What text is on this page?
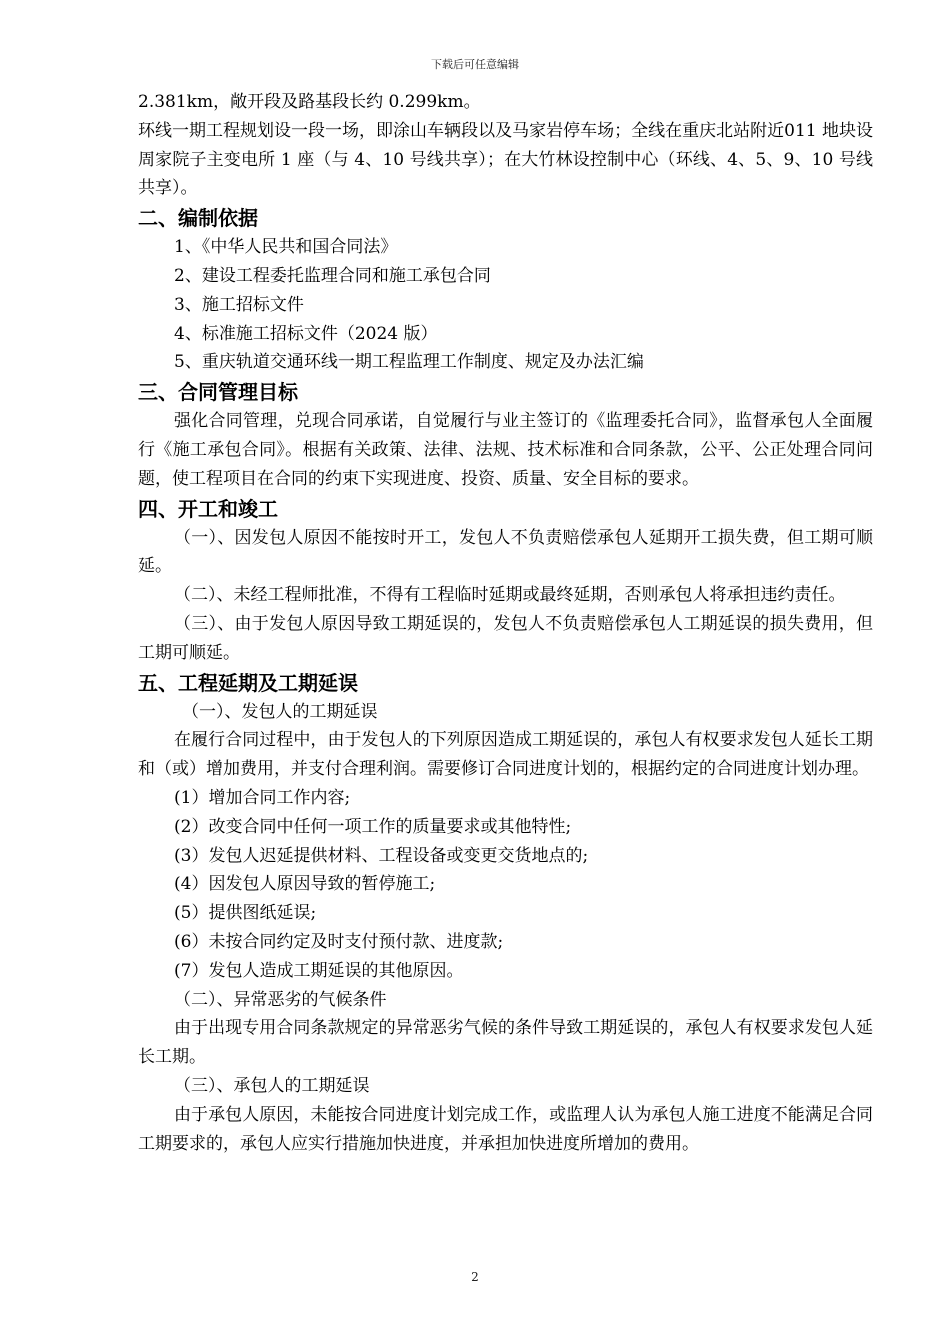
下载后可任意编辑

2.381km，敞开段及路基段长约 0.299km。

环线一期工程规划设一段一场，即涂山车辆段以及马家岩停车场；全线在重庆北站附近011 地块设周家院子主变电所 1 座（与 4、10 号线共享）；在大竹林设控制中心（环线、4、5、9、10 号线共享）。

二、编制依据

1、《中华人民共和国合同法》

2、建设工程委托监理合同和施工承包合同

3、施工招标文件

4、标准施工招标文件（2024 版）

5、重庆轨道交通环线一期工程监理工作制度、规定及办法汇编

三、合同管理目标

强化合同管理，兑现合同承诺，自觉履行与业主签订的《监理委托合同》，监督承包人全面履行《施工承包合同》。根据有关政策、法律、法规、技术标准和合同条款，公平、公正处理合同问题，使工程项目在合同的约束下实现进度、投资、质量、安全目标的要求。

四、开工和竣工

（一）、因发包人原因不能按时开工，发包人不负责赔偿承包人延期开工损失费，但工期可顺延。

（二）、未经工程师批准，不得有工程临时延期或最终延期，否则承包人将承担违约责任。

（三）、由于发包人原因导致工期延误的，发包人不负责赔偿承包人工期延误的损失费用，但工期可顺延。

五、工程延期及工期延误

（一）、发包人的工期延误

在履行合同过程中，由于发包人的下列原因造成工期延误的，承包人有权要求发包人延长工期和（或）增加费用，并支付合理利润。需要修订合同进度计划的，根据约定的合同进度计划办理。

(1）增加合同工作内容;

(2）改变合同中任何一项工作的质量要求或其他特性;

(3）发包人迟延提供材料、工程设备或变更交货地点的;

(4）因发包人原因导致的暂停施工;

(5）提供图纸延误;

(6）未按合同约定及时支付预付款、进度款;

(7）发包人造成工期延误的其他原因。

（二）、异常恶劣的气候条件

由于出现专用合同条款规定的异常恶劣气候的条件导致工期延误的，承包人有权要求发包人延长工期。

（三）、承包人的工期延误

由于承包人原因，未能按合同进度计划完成工作，或监理人认为承包人施工进度不能满足合同工期要求的，承包人应实行措施加快进度，并承担加快进度所增加的费用。

2
